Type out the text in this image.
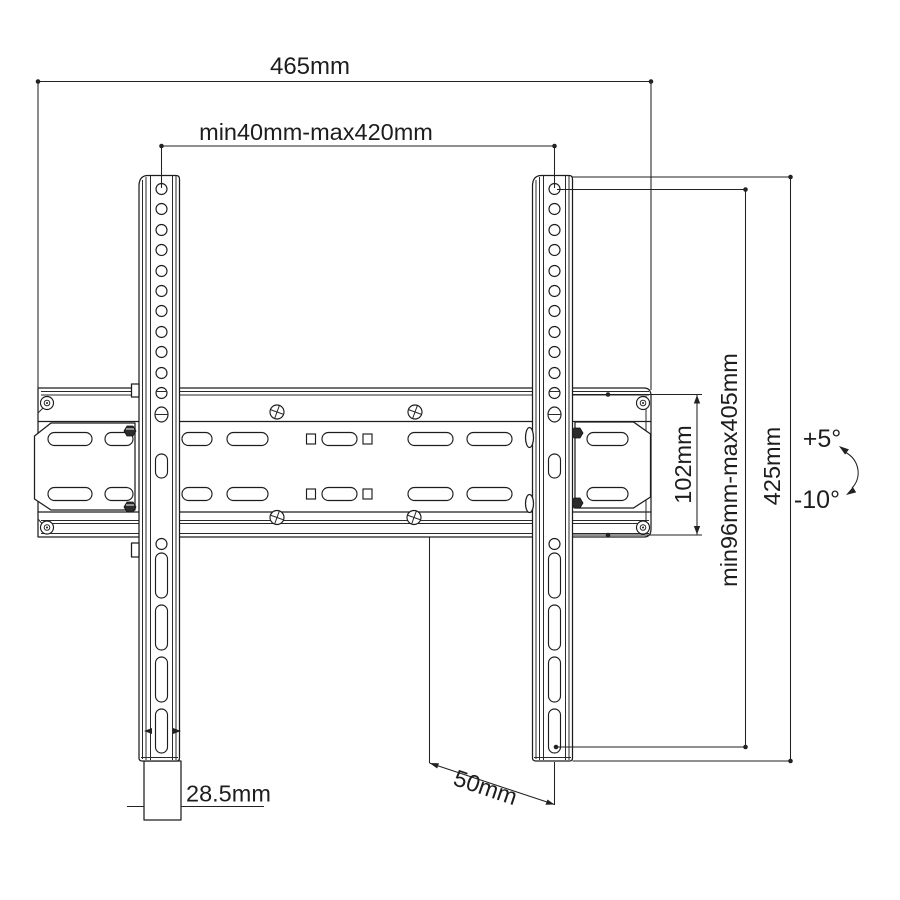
465mm
min40mm-max420mm
102mm min96mm-max405mm 425mm +5°
-10°
28.5mm	50mm
